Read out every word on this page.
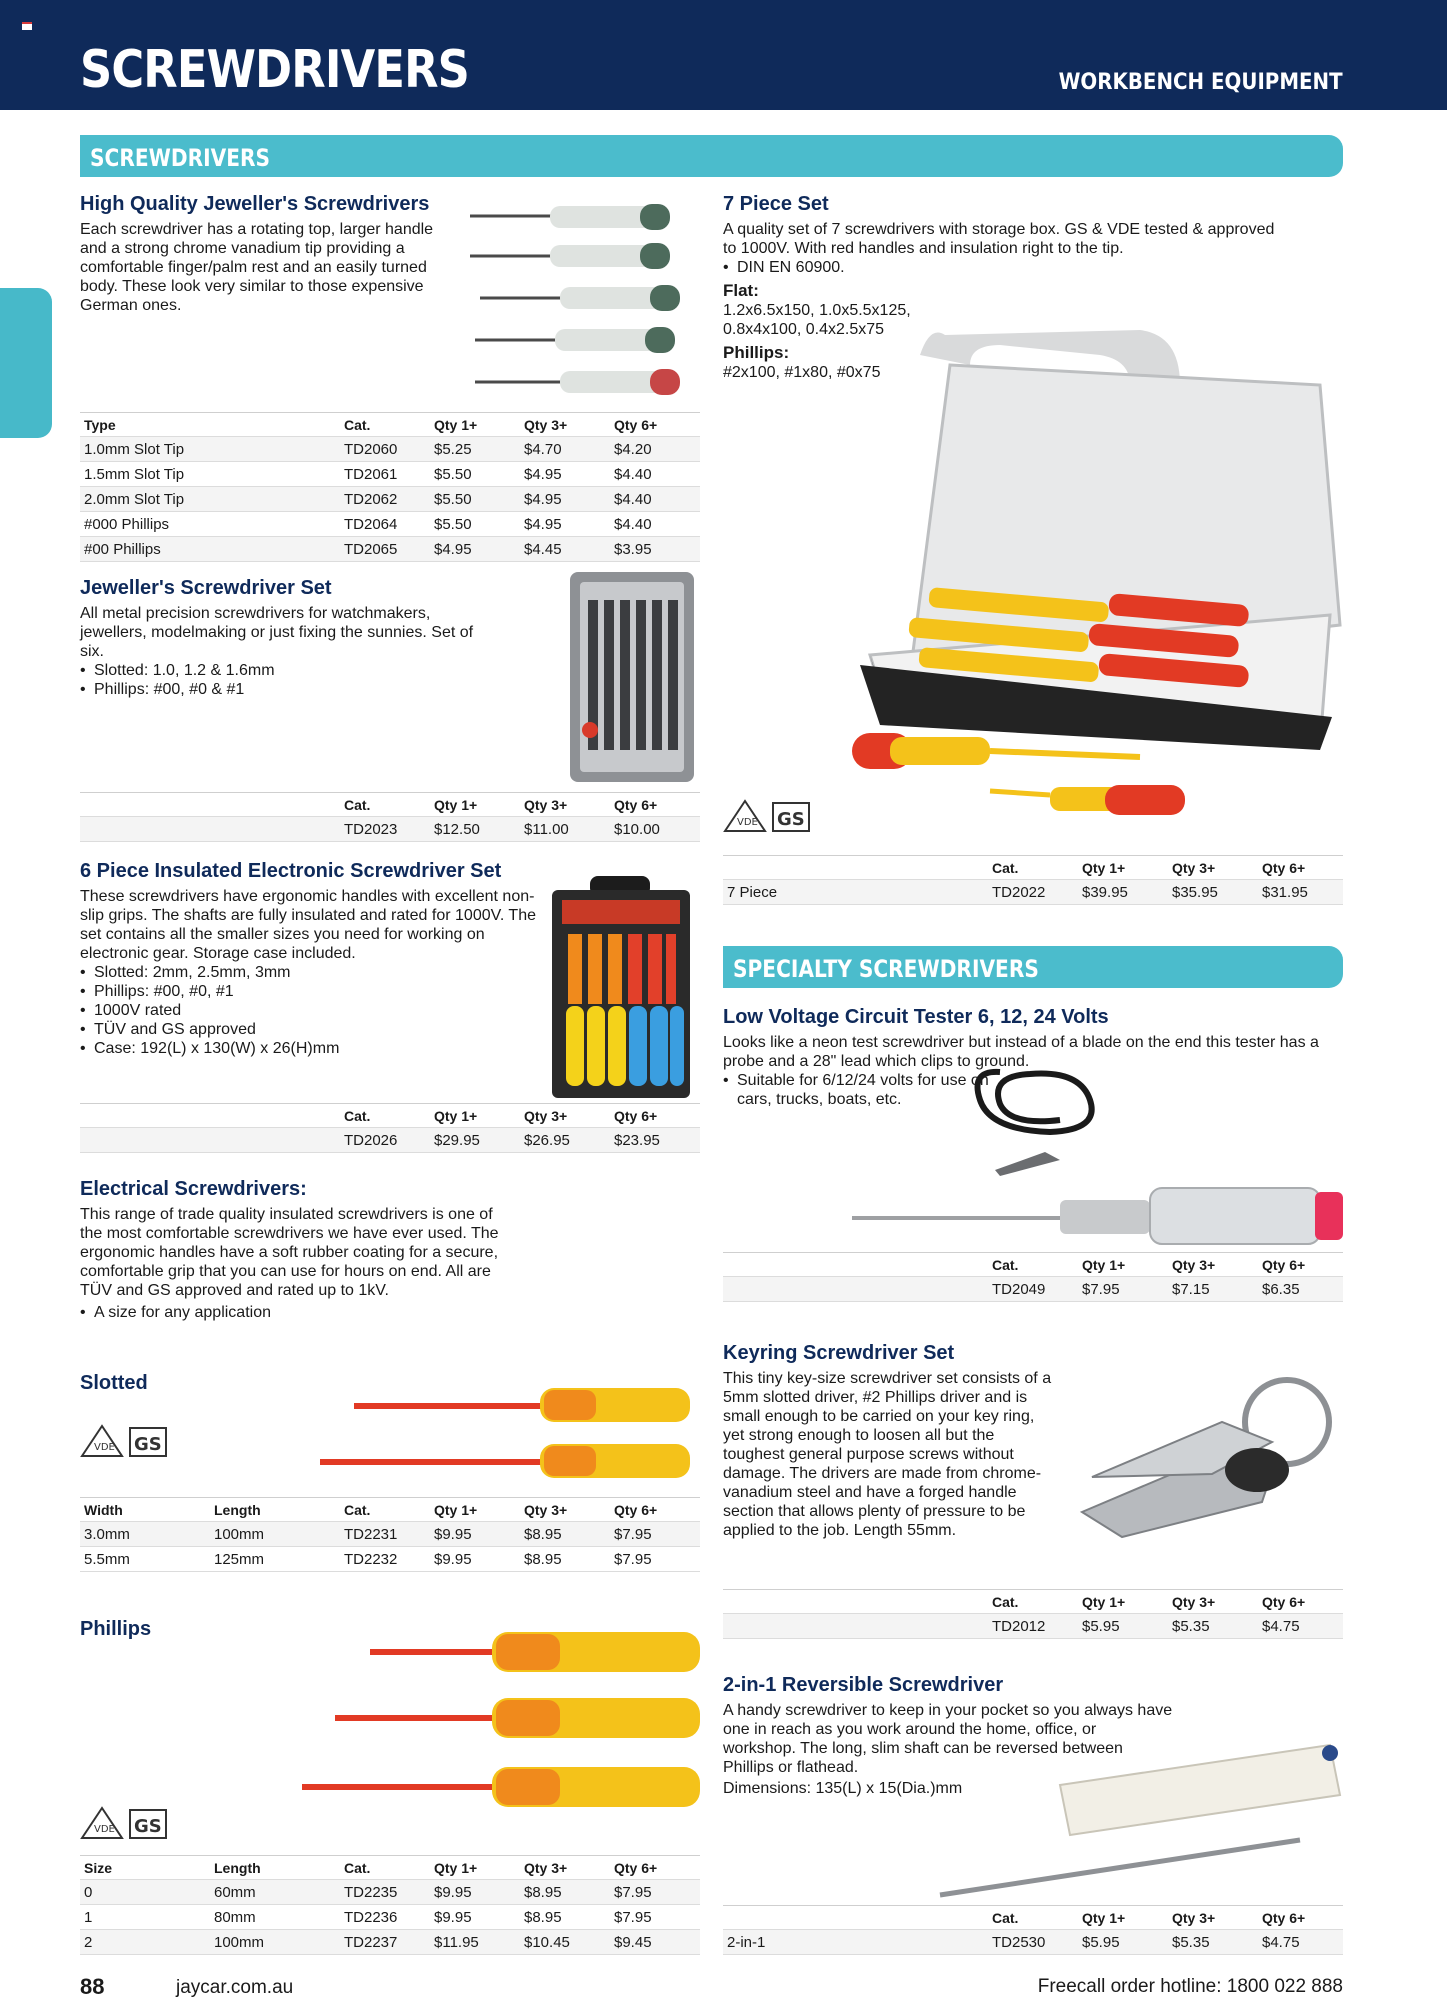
SCREWDRIVERS	WORKBENCH EQUIPMENT
SCREWDRIVERS
High Quality Jeweller's Screwdrivers
Each screwdriver has a rotating top, larger handle and a strong chrome vanadium tip providing a comfortable finger/palm rest and an easily turned body. These look very similar to those expensive German ones.
Type	Cat.	Qty 1+	Qty 3+	Qty 6+
1.0mm Slot Tip	TD2060	$5.25	$4.70	$4.20
1.5mm Slot Tip	TD2061	$5.50	$4.95	$4.40
2.0mm Slot Tip	TD2062	$5.50	$4.95	$4.40
#000 Phillips	TD2064	$5.50	$4.95	$4.40
#00 Phillips	TD2065	$4.95	$4.45	$3.95
Jeweller's Screwdriver Set
All metal precision screwdrivers for watchmakers, jewellers, modelmaking or just fixing the sunnies. Set of six.
• Slotted: 1.0, 1.2 & 1.6mm
• Phillips: #00, #0 & #1
	Cat.	Qty 1+	Qty 3+	Qty 6+
	TD2023	$12.50	$11.00	$10.00
6 Piece Insulated Electronic Screwdriver Set
These screwdrivers have ergonomic handles with excellent non-slip grips. The shafts are fully insulated and rated for 1000V. The set contains all the smaller sizes you need for working on electronic gear. Storage case included.
• Slotted: 2mm, 2.5mm, 3mm
• Phillips: #00, #0, #1
• 1000V rated
• TÜV and GS approved
• Case: 192(L) x 130(W) x 26(H)mm
	Cat.	Qty 1+	Qty 3+	Qty 6+
	TD2026	$29.95	$26.95	$23.95
Electrical Screwdrivers:
This range of trade quality insulated screwdrivers is one of the most comfortable screwdrivers we have ever used. The ergonomic handles have a soft rubber coating for a secure, comfortable grip that you can use for hours on end. All are TÜV and GS approved and rated up to 1kV.
• A size for any application
Slotted
VDE GS
Width	Length	Cat.	Qty 1+	Qty 3+	Qty 6+
3.0mm	100mm	TD2231	$9.95	$8.95	$7.95
5.5mm	125mm	TD2232	$9.95	$8.95	$7.95
Phillips
VDE GS
Size	Length	Cat.	Qty 1+	Qty 3+	Qty 6+
0	60mm	TD2235	$9.95	$8.95	$7.95
1	80mm	TD2236	$9.95	$8.95	$7.95
2	100mm	TD2237	$11.95	$10.45	$9.45
7 Piece Set
A quality set of 7 screwdrivers with storage box. GS & VDE tested & approved to 1000V. With red handles and insulation right to the tip.
• DIN EN 60900.
Flat:
1.2x6.5x150, 1.0x5.5x125, 0.8x4x100, 0.4x2.5x75
Phillips:
#2x100, #1x80, #0x75
VDE GS
	Cat.	Qty 1+	Qty 3+	Qty 6+
7 Piece	TD2022	$39.95	$35.95	$31.95
SPECIALTY SCREWDRIVERS
Low Voltage Circuit Tester 6, 12, 24 Volts
Looks like a neon test screwdriver but instead of a blade on the end this tester has a probe and a 28" lead which clips to ground.
• Suitable for 6/12/24 volts for use on cars, trucks, boats, etc.
	Cat.	Qty 1+	Qty 3+	Qty 6+
	TD2049	$7.95	$7.15	$6.35
Keyring Screwdriver Set
This tiny key-size screwdriver set consists of a 5mm slotted driver, #2 Phillips driver and is small enough to be carried on your key ring, yet strong enough to loosen all but the toughest general purpose screws without damage. The drivers are made from chrome-vanadium steel and have a forged handle section that allows plenty of pressure to be applied to the job. Length 55mm.
	Cat.	Qty 1+	Qty 3+	Qty 6+
	TD2012	$5.95	$5.35	$4.75
2-in-1 Reversible Screwdriver
A handy screwdriver to keep in your pocket so you always have one in reach as you work around the home, office, or workshop. The long, slim shaft can be reversed between Phillips or flathead.
Dimensions: 135(L) x 15(Dia.)mm
	Cat.	Qty 1+	Qty 3+	Qty 6+
2-in-1	TD2530	$5.95	$5.35	$4.75
88	jaycar.com.au	Freecall order hotline: 1800 022 888
